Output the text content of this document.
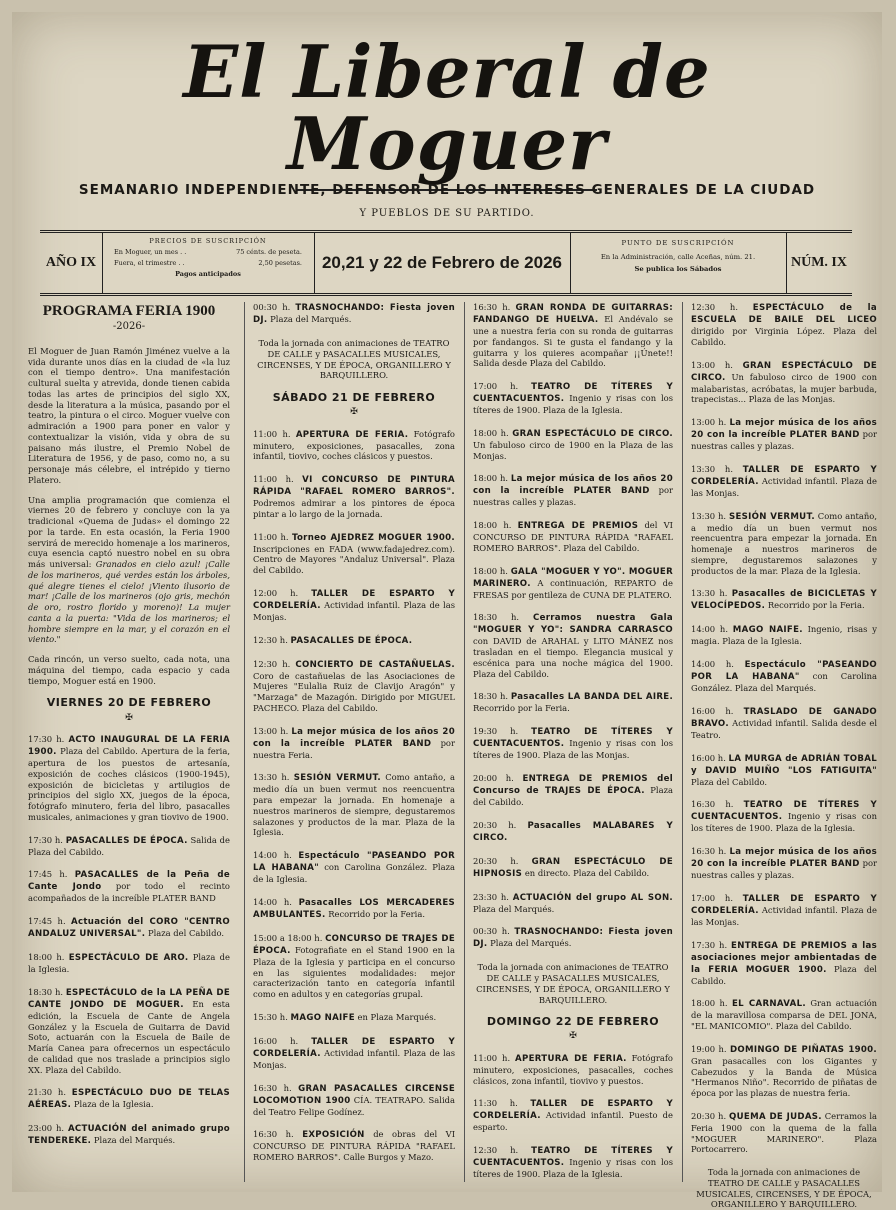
El Liberal de Moguer
SEMANARIO INDEPENDIENTE, DEFENSOR DE LOS INTERESES GENERALES DE LA CIUDAD
Y PUEBLOS DE SU PARTIDO.
AÑO IX
PRECIOS DE SUSCRIPCIÓN
En Moguer, un mes . .	75 cénts. de peseta.
Fuera, el trimestre . .	2,50 pesetas.
Pagos anticipados
20,21 y 22 de Febrero de 2026
PUNTO DE SUSCRIPCIÓN
En la Administración, calle Aceñas, núm. 21.
Se publica los Sábados	NÚM. IX

PROGRAMA FERIA 1900

-2026-

El Moguer de Juan Ramón Jiménez vuelve a la vida durante unos días en la ciudad de «la luz con el tiempo dentro». Una manifestación cultural suelta y atrevida, donde tienen cabida todas las artes de principios del siglo XX, desde la literatura a la música, pasando por el teatro, la pintura o el circo. Moguer vuelve con admiración a 1900 para poner en valor y contextualizar la visión, vida y obra de su paisano más ilustre, el Premio Nobel de Literatura de 1956, y de paso, como no, a su personaje más célebre, el intrépido y tierno Platero.

Una amplia programación que comienza el viernes 20 de febrero y concluye con la ya tradicional «Quema de Judas» el domingo 22 por la tarde. En esta ocasión, la Feria 1900 servirá de merecido homenaje a los marineros, cuya esencia captó nuestro nobel en su obra más universal: Granados en cielo azul! ¡Calle de los marineros, qué verdes están los árboles, qué alegre tienes el cielo! ¡Viento ilusorio de mar! ¡Calle de los marineros (ojo gris, mechón de oro, rostro florido y moreno)! La mujer canta a la puerta: "Vida de los marineros; el hombre siempre en la mar, y el corazón en el viento."

Cada rincón, un verso suelto, cada nota, una máquina del tiempo, cada espacio y cada tiempo, Moguer está en 1900.

VIERNES 20 DE FEBRERO
✠

17:30 h. ACTO INAUGURAL DE LA FERIA 1900. Plaza del Cabildo. Apertura de la feria, apertura de los puestos de artesanía, exposición de coches clásicos (1900-1945), exposición de bicicletas y artilugios de principios del siglo XX, juegos de la época, fotógrafo minutero, feria del libro, pasacalles musicales, animaciones y gran tiovivo de 1900.

17:30 h. PASACALLES DE ÉPOCA. Salida de Plaza del Cabildo.

17:45 h. PASACALLES de la Peña de Cante Jondo por todo el recinto acompañados de la increíble PLATER BAND

17:45 h. Actuación del CORO "CENTRO ANDALUZ UNIVERSAL". Plaza del Cabildo.

18:00 h. ESPECTÁCULO DE ARO. Plaza de la Iglesia.

18:30 h. ESPECTÁCULO de la LA PEÑA DE CANTE JONDO DE MOGUER. En esta edición, la Escuela de Cante de Angela González y la Escuela de Guitarra de David Soto, actuarán con la Escuela de Baile de María Canea para ofrecernos un espectáculo de calidad que nos traslade a principios siglo XX. Plaza del Cabildo.

21:30 h. ESPECTÁCULO DUO DE TELAS AÉREAS. Plaza de la Iglesia.

23:00 h. ACTUACIÓN del animado grupo TENDEREKE. Plaza del Marqués.

00:30 h. TRASNOCHANDO: Fiesta joven DJ. Plaza del Marqués.

Toda la jornada con animaciones de TEATRO DE CALLE y PASACALLES MUSICALES, CIRCENSES, Y DE ÉPOCA, ORGANILLERO Y BARQUILLERO.

SÁBADO 21 DE FEBRERO
✠

11:00 h. APERTURA DE FERIA. Fotógrafo minutero, exposiciones, pasacalles, zona infantil, tiovivo, coches clásicos y puestos.

11:00 h. VI CONCURSO DE PINTURA RÁPIDA "RAFAEL ROMERO BARROS". Podremos admirar a los pintores de época pintar a lo largo de la jornada.

11:00 h. Torneo AJEDREZ MOGUER 1900. Inscripciones en FADA (www.fadajedrez.com). Centro de Mayores "Andaluz Universal". Plaza del Cabildo.

12:00 h. TALLER DE ESPARTO Y CORDELERÍA. Actividad infantil. Plaza de las Monjas.

12:30 h. PASACALLES DE ÉPOCA.

12:30 h. CONCIERTO DE CASTAÑUELAS. Coro de castañuelas de las Asociaciones de Mujeres "Eulalia Ruiz de Clavijo Aragón" y "Marzaga" de Mazagón. Dirigido por MIGUEL PACHECO. Plaza del Cabildo.

13:00 h. La mejor música de los años 20 con la increíble PLATER BAND por nuestra Feria.

13:30 h. SESIÓN VERMUT. Como antaño, a medio día un buen vermut nos reencuentra para empezar la jornada. En homenaje a nuestros marineros de siempre, degustaremos salazones y productos de la mar. Plaza de la Iglesia.

14:00 h. Espectáculo "PASEANDO POR LA HABANA" con Carolina González. Plaza de la Iglesia.

14:00 h. Pasacalles LOS MERCADERES AMBULANTES. Recorrido por la Feria.

15:00 a 18:00 h. CONCURSO DE TRAJES DE ÉPOCA. Fotografiate en el Stand 1900 en la Plaza de la Iglesia y participa en el concurso en las siguientes modalidades: mejor caracterización tanto en categoría infantil como en adultos y en categorías grupal.

15:30 h. MAGO NAIFE en Plaza Marqués.

16:00 h. TALLER DE ESPARTO Y CORDELERÍA. Actividad infantil. Plaza de las Monjas.

16:30 h. GRAN PASACALLES CIRCENSE LOCOMOTION 1900 CÍA. TEATRAPO. Salida del Teatro Felipe Godínez.

16:30 h. EXPOSICIÓN de obras del VI CONCURSO DE PINTURA RÁPIDA "RAFAEL ROMERO BARROS". Calle Burgos y Mazo.

16:30 h. GRAN RONDA DE GUITARRAS: FANDANGO DE HUELVA. El Andévalo se une a nuestra feria con su ronda de guitarras por fandangos. Si te gusta el fandango y la guitarra y los quieres acompañar ¡¡Únete!! Salida desde Plaza del Cabildo.

17:00 h. TEATRO DE TÍTERES Y CUENTACUENTOS. Ingenio y risas con los títeres de 1900. Plaza de la Iglesia.

18:00 h. GRAN ESPECTÁCULO DE CIRCO. Un fabuloso circo de 1900 en la Plaza de las Monjas.

18:00 h. La mejor música de los años 20 con la increíble PLATER BAND por nuestras calles y plazas.

18:00 h. ENTREGA DE PREMIOS del VI CONCURSO DE PINTURA RÁPIDA "RAFAEL ROMERO BARROS". Plaza del Cabildo.

18:00 h. GALA "MOGUER Y YO". MOGUER MARINERO. A continuación, REPARTO de FRESAS por gentileza de CUNA DE PLATERO.

18:30 h. Cerramos nuestra Gala "MOGUER Y YO": SANDRA CARRASCO con DAVID de ARAHAL y LITO MÁNEZ nos trasladan en el tiempo. Elegancia musical y escénica para una noche mágica del 1900. Plaza del Cabildo.

18:30 h. Pasacalles LA BANDA DEL AIRE. Recorrido por la Feria.

19:30 h. TEATRO DE TÍTERES Y CUENTACUENTOS. Ingenio y risas con los títeres de 1900. Plaza de las Monjas.

20:00 h. ENTREGA DE PREMIOS del Concurso de TRAJES DE ÉPOCA. Plaza del Cabildo.

20:30 h. Pasacalles MALABARES Y CIRCO.

20:30 h. GRAN ESPECTÁCULO DE HIPNOSIS en directo. Plaza del Cabildo.

23:30 h. ACTUACIÓN del grupo AL SON. Plaza del Marqués.

00:30 h. TRASNOCHANDO: Fiesta joven DJ. Plaza del Marqués.

Toda la jornada con animaciones de TEATRO DE CALLE y PASACALLES MUSICALES, CIRCENSES, Y DE ÉPOCA, ORGANILLERO Y BARQUILLERO.

DOMINGO 22 DE FEBRERO
✠

11:00 h. APERTURA DE FERIA. Fotógrafo minutero, exposiciones, pasacalles, coches clásicos, zona infantil, tiovivo y puestos.

11:30 h. TALLER DE ESPARTO Y CORDELERÍA. Actividad infantil. Puesto de esparto.

12:30 h. TEATRO DE TÍTERES Y CUENTACUENTOS. Ingenio y risas con los títeres de 1900. Plaza de la Iglesia.

12:30 h. ESPECTÁCULO de la ESCUELA DE BAILE DEL LICEO dirigido por Virginia López. Plaza del Cabildo.

13:00 h. GRAN ESPECTÁCULO DE CIRCO. Un fabuloso circo de 1900 con malabaristas, acróbatas, la mujer barbuda, trapecistas... Plaza de las Monjas.

13:00 h. La mejor música de los años 20 con la increíble PLATER BAND por nuestras calles y plazas.

13:30 h. TALLER DE ESPARTO Y CORDELERÍA. Actividad infantil. Plaza de las Monjas.

13:30 h. SESIÓN VERMUT. Como antaño, a medio día un buen vermut nos reencuentra para empezar la jornada. En homenaje a nuestros marineros de siempre, degustaremos salazones y productos de la mar. Plaza de la Iglesia.

13:30 h. Pasacalles de BICICLETAS Y VELOCÍPEDOS. Recorrido por la Feria.

14:00 h. MAGO NAIFE. Ingenio, risas y magia. Plaza de la Iglesia.

14:00 h. Espectáculo "PASEANDO POR LA HABANA" con Carolina González. Plaza del Marqués.

16:00 h. TRASLADO DE GANADO BRAVO. Actividad infantil. Salida desde el Teatro.

16:00 h. LA MURGA de ADRIÁN TOBAL y DAVID MUIÑO "LOS FATIGUITA" Plaza del Cabildo.

16:30 h. TEATRO DE TÍTERES Y CUENTACUENTOS. Ingenio y risas con los títeres de 1900. Plaza de la Iglesia.

16:30 h. La mejor música de los años 20 con la increíble PLATER BAND por nuestras calles y plazas.

17:00 h. TALLER DE ESPARTO Y CORDELERÍA. Actividad infantil. Plaza de las Monjas.

17:30 h. ENTREGA DE PREMIOS a las asociaciones mejor ambientadas de la FERIA MOGUER 1900. Plaza del Cabildo.

18:00 h. EL CARNAVAL. Gran actuación de la maravillosa comparsa de DEL JONA, "EL MANICOMIO". Plaza del Cabildo.

19:00 h. DOMINGO DE PIÑATAS 1900. Gran pasacalles con los Gigantes y Cabezudos y la Banda de Música "Hermanos Niño". Recorrido de piñatas de época por las plazas de nuestra feria.

20:30 h. QUEMA DE JUDAS. Cerramos la Feria 1900 con la quema de la falla "MOGUER MARINERO". Plaza Portocarrero.

Toda la jornada con animaciones de TEATRO DE CALLE y PASACALLES MUSICALES, CIRCENSES, Y DE ÉPOCA, ORGANILLERO Y BARQUILLERO.
